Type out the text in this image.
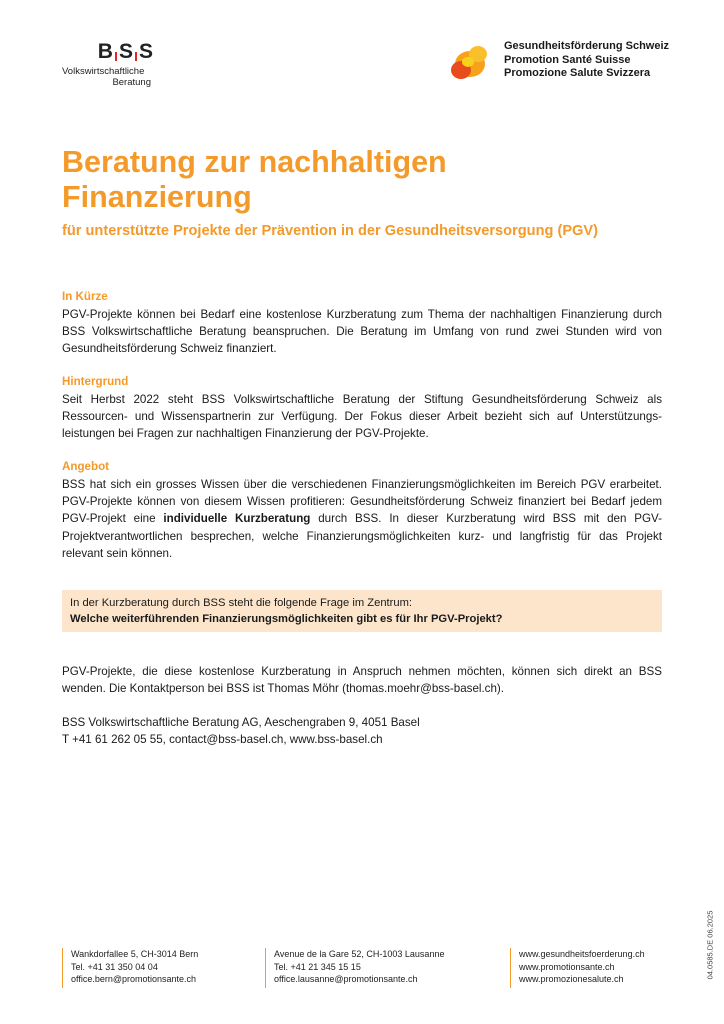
B S S
Volkswirtschaftliche
Beratung
Gesundheitsförderung Schweiz
Promotion Santé Suisse
Promozione Salute Svizzera
Beratung zur nachhaltigen
Finanzierung
für unterstützte Projekte der Prävention in der Gesundheitsversorgung (PGV)
In Kürze

PGV-Projekte können bei Bedarf eine kostenlose Kurzberatung zum Thema der nachhaltigen Finanzierung durch BSS Volkswirtschaftliche Beratung beanspruchen. Die Beratung im Umfang von rund zwei Stunden wird von Gesundheitsförderung Schweiz finanziert.

Hintergrund

Seit Herbst 2022 steht BSS Volkswirtschaftliche Beratung der Stiftung Gesundheitsförderung Schweiz als Ressourcen- und Wissenspartnerin zur Verfügung. Der Fokus dieser Arbeit bezieht sich auf Unterstützungsleistungen bei Fragen zur nachhaltigen Finanzierung der PGV-Projekte.

Angebot

BSS hat sich ein grosses Wissen über die verschiedenen Finanzierungsmöglichkeiten im Bereich PGV erarbeitet. PGV-Projekte können von diesem Wissen profitieren: Gesundheitsförderung Schweiz finanziert bei Bedarf jedem PGV-Projekt eine individuelle Kurzberatung durch BSS. In dieser Kurzberatung wird BSS mit den PGV-Projektverantwortlichen besprechen, welche Finanzierungsmöglichkeiten kurz- und langfristig für das Projekt relevant sein können.

In der Kurzberatung durch BSS steht die folgende Frage im Zentrum:
Welche weiterführenden Finanzierungsmöglichkeiten gibt es für Ihr PGV-Projekt?

PGV-Projekte, die diese kostenlose Kurzberatung in Anspruch nehmen möchten, können sich direkt an BSS wenden. Die Kontaktperson bei BSS ist Thomas Möhr (thomas.moehr@bss-basel.ch).

BSS Volkswirtschaftliche Beratung AG, Aeschengraben 9, 4051 Basel
T +41 61 262 05 55, contact@bss-basel.ch, www.bss-basel.ch

Wankdorfallee 5, CH-3014 Bern
Tel. +41 31 350 04 04
office.bern@promotionsante.ch
Avenue de la Gare 52, CH-1003 Lausanne
Tel. +41 21 345 15 15
office.lausanne@promotionsante.ch
www.gesundheitsfoerderung.ch
www.promotionsante.ch
www.promozionesalute.ch	04.0585.DE 06.2025
